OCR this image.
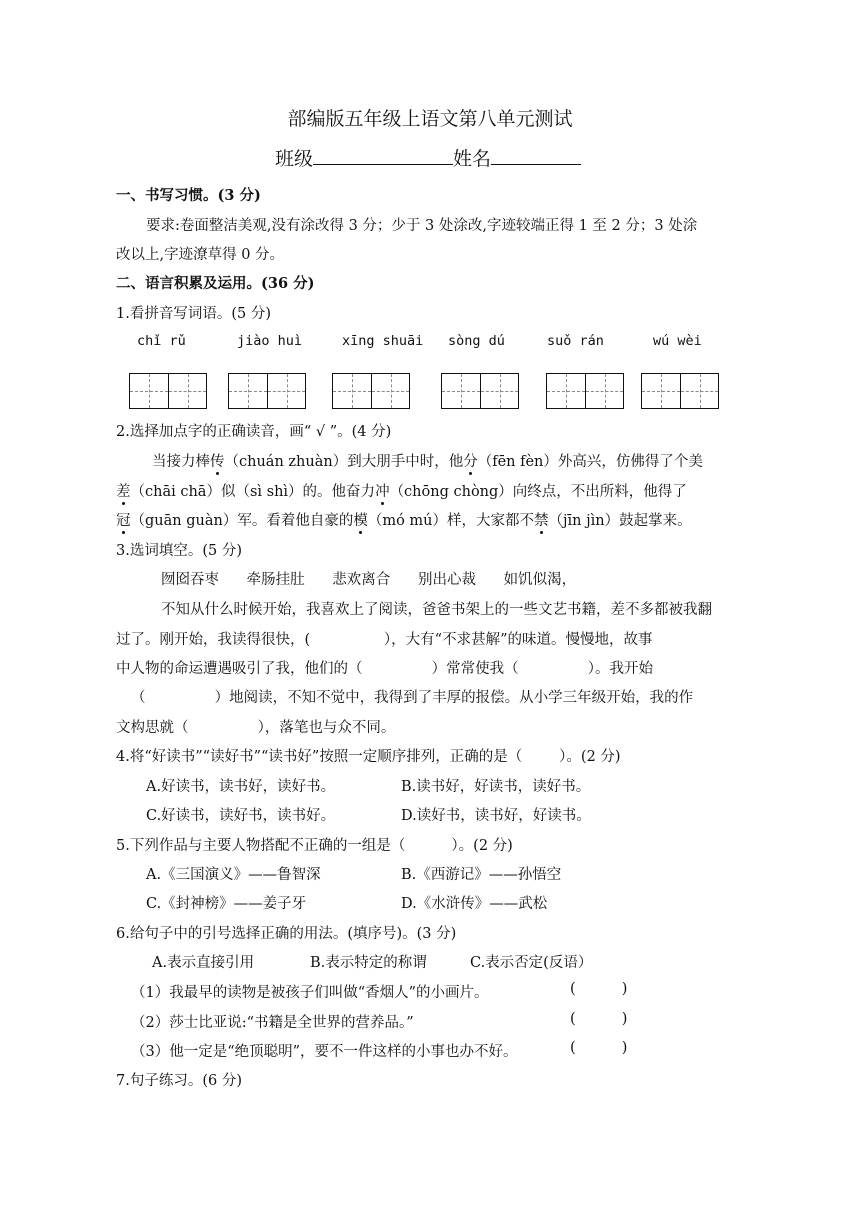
部编版五年级上语文第八单元测试
班级	姓名
一、书写习惯。(3 分)
要求:卷面整洁美观,没有涂改得 3 分；少于 3 处涂改,字迹较端正得 1 至 2 分；3 处涂
改以上,字迹潦草得 0 分。
二、语言积累及运用。(36 分)
1.看拼音写词语。(5 分)
chǐ rǔ	jiào huì	xīng shuāi sòng dú	suǒ rán	wú wèi
2.选择加点字的正确读音，画“ √ ”。(4 分)
当接力棒传（chuán zhuàn）到大朋手中时，他分（fēn fèn）外高兴，仿佛得了个美
差（chāi chā）似（sì shì）的。他奋力冲（chōng chòng）向终点，不出所料，他得了
冠（guān guàn）军。看着他自豪的模（mó mú）样，大家都不禁（jīn jìn）鼓起掌来。
3.选词填空。(5 分)
囫囵吞枣      牵肠挂肚      悲欢离合      别出心裁      如饥似渴，
不知从什么时候开始，我喜欢上了阅读，爸爸书架上的一些文艺书籍，差不多都被我翻
过了。刚开始，我读得很快，(                ），大有“不求甚解”的味道。慢慢地，故事
中人物的命运遭遇吸引了我，他们的（               ）常常使我（               ）。我开始
（               ）地阅读，不知不觉中，我得到了丰厚的报偿。从小学三年级开始，我的作
文构思就（               ），落笔也与众不同。
4.将“好读书”“读好书”“读书好”按照一定顺序排列，正确的是（        ）。(2 分)
A.好读书，读书好，读好书。	B.读书好，好读书，读好书。
C.好读书，读好书，读书好。	D.读好书，读书好，好读书。
5.下列作品与主要人物搭配不正确的一组是（          ）。(2 分)
A.《三国演义》——鲁智深	B.《西游记》——孙悟空
C.《封神榜》——姜子牙	D.《水浒传》——武松
6.给句子中的引号选择正确的用法。(填序号)。(3 分)
A.表示直接引用	B.表示特定的称谓	C.表示否定(反语）
（1）我最早的读物是被孩子们叫做“香烟人”的小画片。	(          )
（2）莎士比亚说:“书籍是全世界的营养品。”	(          )
（3）他一定是“绝顶聪明”，要不一件这样的小事也办不好。	(          )
7.句子练习。(6 分)
